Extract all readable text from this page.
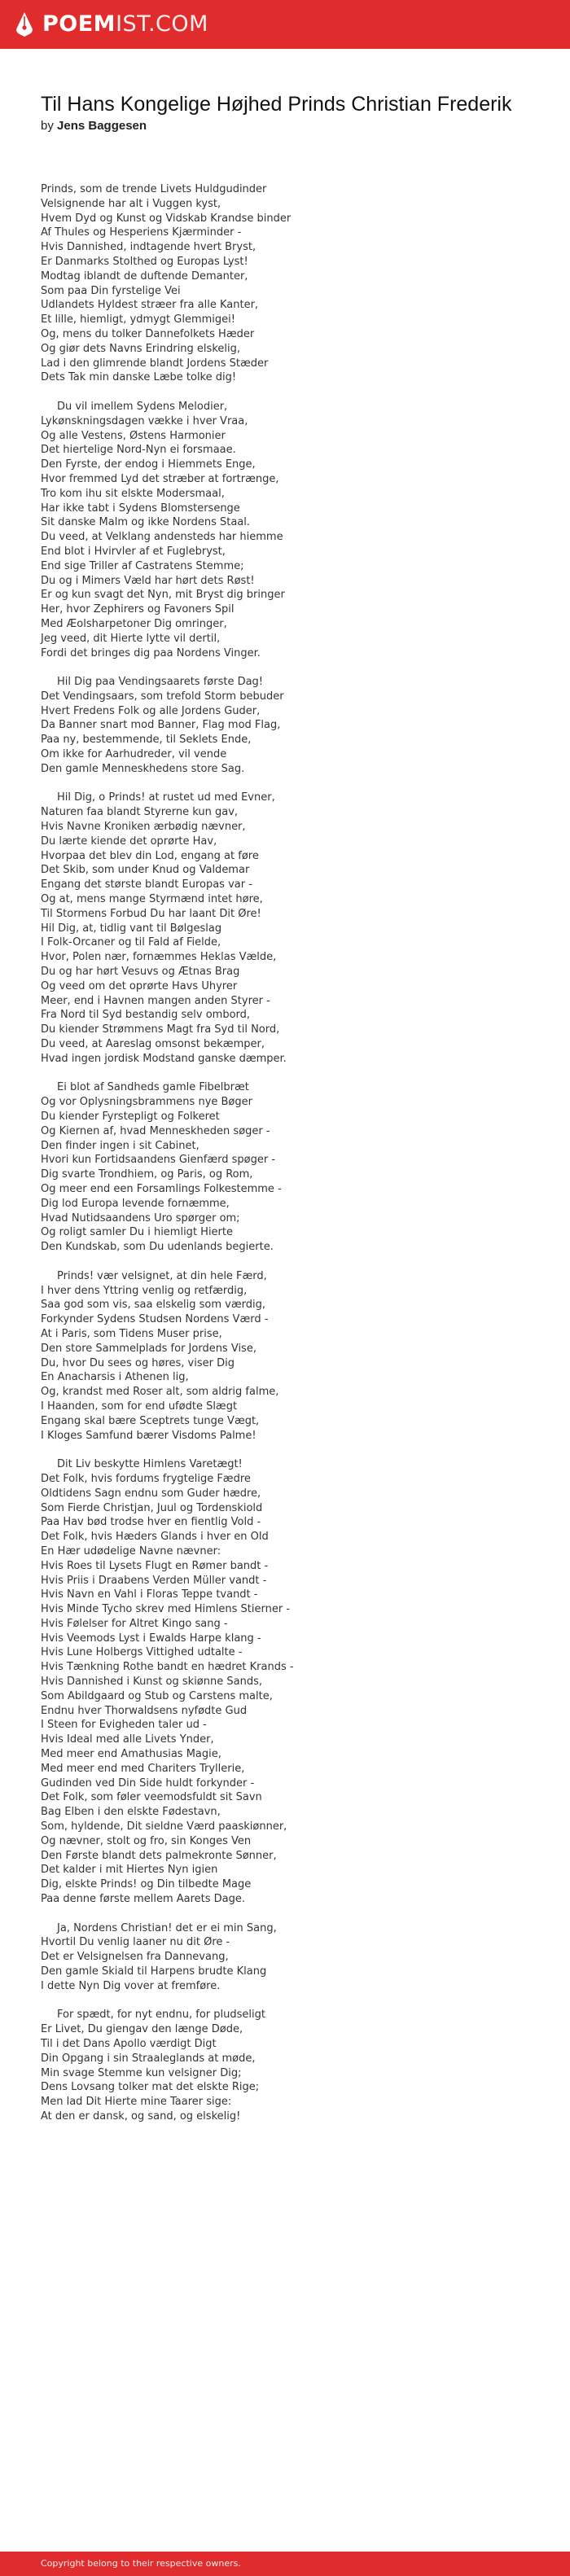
POEMIST.COM
Til Hans Kongelige Højhed Prinds Christian Frederik
by Jens Baggesen
Prinds, som de trende Livets Huldgudinder
Velsignende har alt i Vuggen kyst,
Hvem Dyd og Kunst og Vidskab Krandse binder
Af Thules og Hesperiens Kjærminder -
Hvis Dannished, indtagende hvert Bryst,
Er Danmarks Stolthed og Europas Lyst!
Modtag iblandt de duftende Demanter,
Som paa Din fyrstelige Vei
Udlandets Hyldest stræer fra alle Kanter,
Et lille, hiemligt, ydmygt Glemmigei!
Og, mens du tolker Dannefolkets Hæder
Og giør dets Navns Erindring elskelig,
Lad i den glimrende blandt Jordens Stæder
Dets Tak min danske Læbe tolke dig!
Du vil imellem Sydens Melodier,
Lykønskningsdagen vække i hver Vraa,
Og alle Vestens, Østens Harmonier
Det hiertelige Nord-Nyn ei forsmaae.
Den Fyrste, der endog i Hiemmets Enge,
Hvor fremmed Lyd det stræber at fortrænge,
Tro kom ihu sit elskte Modersmaal,
Har ikke tabt i Sydens Blomstersenge
Sit danske Malm og ikke Nordens Staal.
Du veed, at Velklang andensteds har hiemme
End blot i Hvirvler af et Fuglebryst,
End sige Triller af Castratens Stemme;
Du og i Mimers Væld har hørt dets Røst!
Er og kun svagt det Nyn, mit Bryst dig bringer
Her, hvor Zephirers og Favoners Spil
Med Æolsharpetoner Dig omringer,
Jeg veed, dit Hierte lytte vil dertil,
Fordi det bringes dig paa Nordens Vinger.
Hil Dig paa Vendingsaarets første Dag!
Det Vendingsaars, som trefold Storm bebuder
Hvert Fredens Folk og alle Jordens Guder,
Da Banner snart mod Banner, Flag mod Flag,
Paa ny, bestemmende, til Seklets Ende,
Om ikke for Aarhudreder, vil vende
Den gamle Menneskhedens store Sag.
Hil Dig, o Prinds! at rustet ud med Evner,
Naturen faa blandt Styrerne kun gav,
Hvis Navne Kroniken ærbødig nævner,
Du lærte kiende det oprørte Hav,
Hvorpaa det blev din Lod, engang at føre
Det Skib, som under Knud og Valdemar
Engang det største blandt Europas var -
Og at, mens mange Styrmænd intet høre,
Til Stormens Forbud Du har laant Dit Øre!
Hil Dig, at, tidlig vant til Bølgeslag
I Folk-Orcaner og til Fald af Fielde,
Hvor, Polen nær, fornæmmes Heklas Vælde,
Du og har hørt Vesuvs og Ætnas Brag
Og veed om det oprørte Havs Uhyrer
Meer, end i Havnen mangen anden Styrer -
Fra Nord til Syd bestandig selv ombord,
Du kiender Strømmens Magt fra Syd til Nord,
Du veed, at Aareslag omsonst bekæmper,
Hvad ingen jordisk Modstand ganske dæmper.
Ei blot af Sandheds gamle Fibelbræt
Og vor Oplysningsbrammens nye Bøger
Du kiender Fyrstepligt og Folkeret
Og Kiernen af, hvad Menneskheden søger -
Den finder ingen i sit Cabinet,
Hvori kun Fortidsaandens Gienfærd spøger -
Dig svarte Trondhiem, og Paris, og Rom,
Og meer end een Forsamlings Folkestemme -
Dig lod Europa levende fornæmme,
Hvad Nutidsaandens Uro spørger om;
Og roligt samler Du i hiemligt Hierte
Den Kundskab, som Du udenlands begierte.
Prinds! vær velsignet, at din hele Færd,
I hver dens Yttring venlig og retfærdig,
Saa god som vis, saa elskelig som værdig,
Forkynder Sydens Studsen Nordens Værd -
At i Paris, som Tidens Muser prise,
Den store Sammelplads for Jordens Vise,
Du, hvor Du sees og høres, viser Dig
En Anacharsis i Athenen lig,
Og, krandst med Roser alt, som aldrig falme,
I Haanden, som for end ufødte Slægt
Engang skal bære Sceptrets tunge Vægt,
I Kloges Samfund bærer Visdoms Palme!
Dit Liv beskytte Himlens Varetægt!
Det Folk, hvis fordums frygtelige Fædre
Oldtidens Sagn endnu som Guder hædre,
Som Fierde Christjan, Juul og Tordenskiold
Paa Hav bød trodse hver en fientlig Vold -
Det Folk, hvis Hæders Glands i hver en Old
En Hær udødelige Navne nævner:
Hvis Roes til Lysets Flugt en Rømer bandt -
Hvis Priis i Draabens Verden Müller vandt -
Hvis Navn en Vahl i Floras Teppe tvandt -
Hvis Minde Tycho skrev med Himlens Stierner -
Hvis Følelser for Altret Kingo sang -
Hvis Veemods Lyst i Ewalds Harpe klang -
Hvis Lune Holbergs Vittighed udtalte -
Hvis Tænkning Rothe bandt en hædret Krands -
Hvis Dannished i Kunst og skiønne Sands,
Som Abildgaard og Stub og Carstens malte,
Endnu hver Thorwaldsens nyfødte Gud
I Steen for Evigheden taler ud -
Hvis Ideal med alle Livets Ynder,
Med meer end Amathusias Magie,
Med meer end med Chariters Tryllerie,
Gudinden ved Din Side huldt forkynder -
Det Folk, som føler veemodsfuldt sit Savn
Bag Elben i den elskte Fødestavn,
Som, hyldende, Dit sieldne Værd paaskiønner,
Og nævner, stolt og fro, sin Konges Ven
Den Første blandt dets palmekronte Sønner,
Det kalder i mit Hiertes Nyn igien
Dig, elskte Prinds! og Din tilbedte Mage
Paa denne første mellem Aarets Dage.
Ja, Nordens Christian! det er ei min Sang,
Hvortil Du venlig laaner nu dit Øre -
Det er Velsignelsen fra Dannevang,
Den gamle Skiald til Harpens brudte Klang
I dette Nyn Dig vover at fremføre.
For spædt, for nyt endnu, for pludseligt
Er Livet, Du giengav den længe Døde,
Til i det Dans Apollo værdigt Digt
Din Opgang i sin Straaleglands at møde,
Min svage Stemme kun velsigner Dig;
Dens Lovsang tolker mat det elskte Rige;
Men lad Dit Hierte mine Taarer sige:
At den er dansk, og sand, og elskelig!
Copyright belong to their respective owners.
